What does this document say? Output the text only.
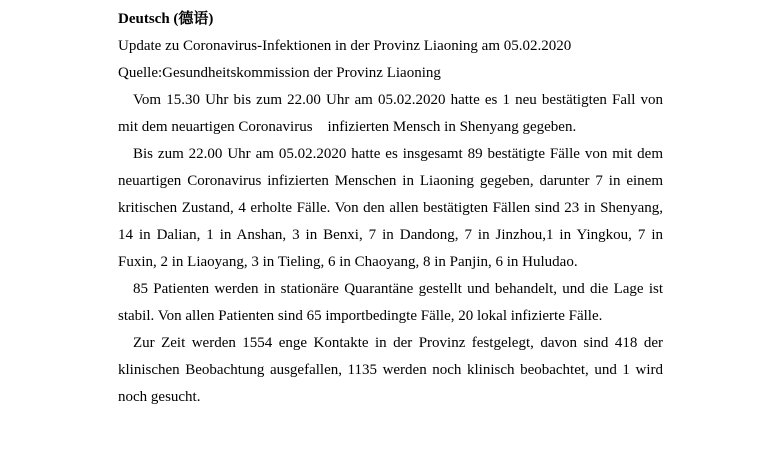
Deutsch (德语)
Update zu Coronavirus-Infektionen in der Provinz Liaoning am 05.02.2020
Quelle:Gesundheitskommission der Provinz Liaoning

Vom 15.30 Uhr bis zum 22.00 Uhr am 05.02.2020 hatte es 1 neu bestätigten Fall von mit dem neuartigen Coronavirus    infizierten Mensch in Shenyang gegeben.

Bis zum 22.00 Uhr am 05.02.2020 hatte es insgesamt 89 bestätigte Fälle von mit dem neuartigen Coronavirus infizierten Menschen in Liaoning gegeben, darunter 7 in einem kritischen Zustand, 4 erholte Fälle. Von den allen bestätigten Fällen sind 23 in Shenyang, 14 in Dalian, 1 in Anshan, 3 in Benxi, 7 in Dandong, 7 in Jinzhou,1 in Yingkou, 7 in Fuxin, 2 in Liaoyang, 3 in Tieling, 6 in Chaoyang, 8 in Panjin, 6 in Huludao.

85 Patienten werden in stationäre Quarantäne gestellt und behandelt, und die Lage ist stabil. Von allen Patienten sind 65 importbedingte Fälle, 20 lokal infizierte Fälle.

Zur Zeit werden 1554 enge Kontakte in der Provinz festgelegt, davon sind 418 der klinischen Beobachtung ausgefallen, 1135 werden noch klinisch beobachtet, und 1 wird noch gesucht.
